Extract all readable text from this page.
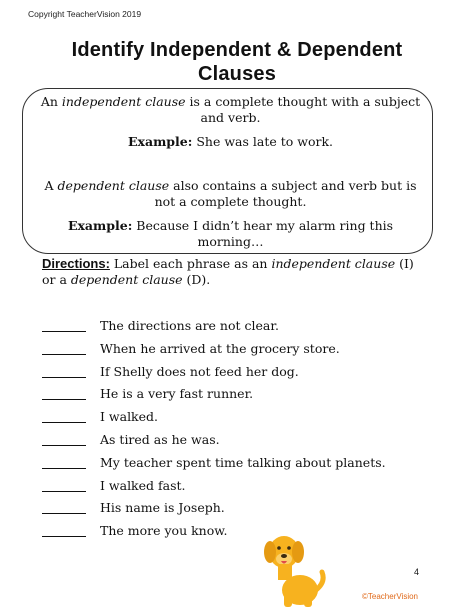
Copyright TeacherVision 2019
Identify Independent & Dependent
Clauses
An independent clause is a complete thought with a subject
and verb.
Example: She was late to work.
A dependent clause also contains a subject and verb but is
not a complete thought.
Example: Because I didn’t hear my alarm ring this
morning…
Directions: Label each phrase as an independent clause (I)
or a dependent clause (D).
The directions are not clear.
When he arrived at the grocery store.
If Shelly does not feed her dog.
He is a very fast runner.
I walked.
As tired as he was.
My teacher spent time talking about planets.
I walked fast.
His name is Joseph.
The more you know.
4
©TeacherVision
